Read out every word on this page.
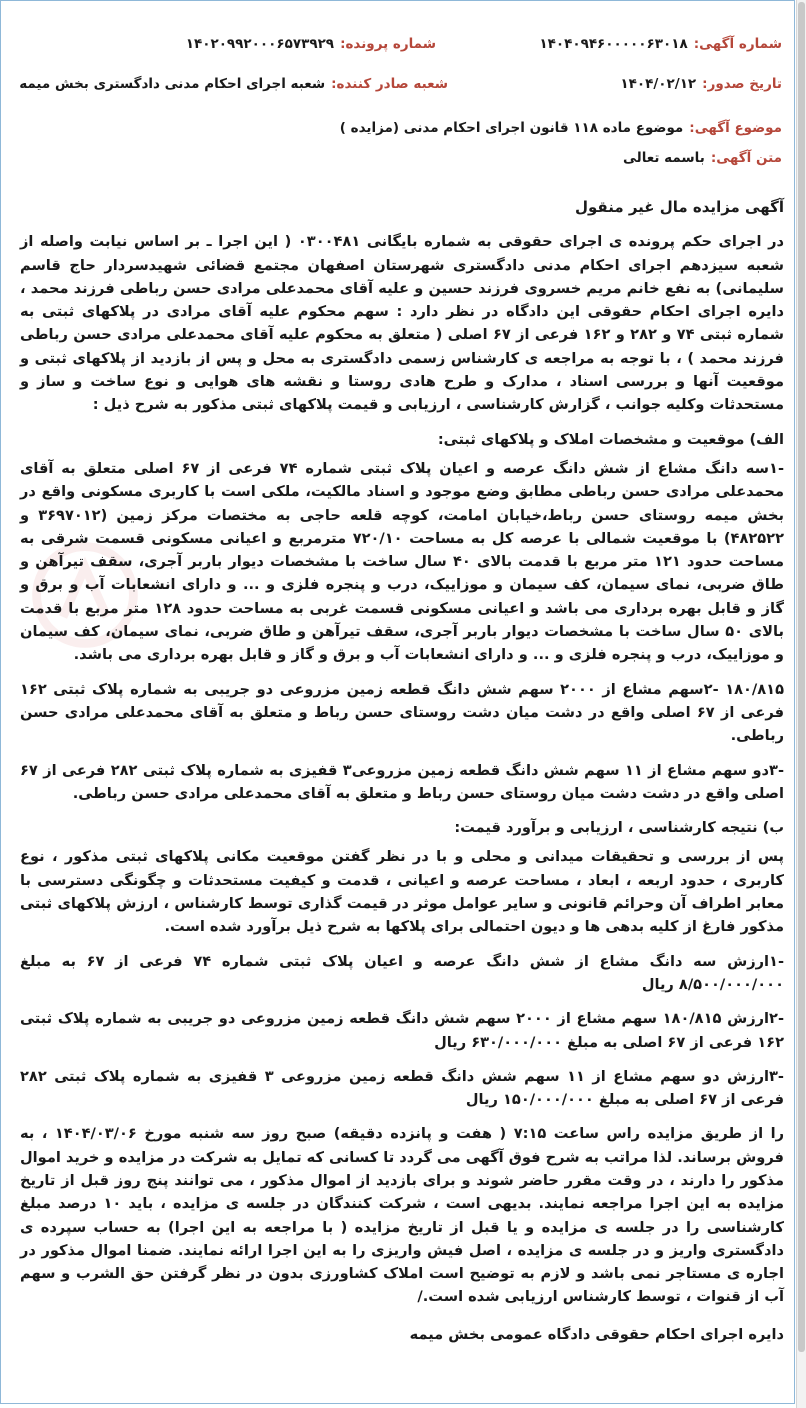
شماره آگهی:۱۴۰۴۰۹۴۶۰۰۰۰۰۶۳۰۱۸
شماره پرونده:۱۴۰۲۰۹۹۲۰۰۰۶۵۷۳۹۲۹
تاریخ صدور:۱۴۰۴/۰۲/۱۲
شعبه صادر کننده:شعبه اجرای احکام مدنی دادگستری بخش میمه
موضوع آگهی:موضوع ماده ۱۱۸ قانون اجرای احکام مدنی (مزایده )
متن آگهی:باسمه تعالی

آگهی مزایده مال غیر منقول

در اجرای حکم پرونده ی اجرای حقوقی به شماره بایگانی ۰۳۰۰۴۸۱ ( این اجرا ـ بر اساس نیابت واصله از شعبه سیزدهم اجرای احکام مدنی دادگستری شهرستان اصفهان مجتمع قضائی شهیدسردار حاج قاسم سلیمانی) به نفع خانم مریم خسروی فرزند حسین و علیه آقای محمدعلی مرادی حسن رباطی فرزند محمد ، دایره اجرای احکام حقوقی این دادگاه در نظر دارد : سهم محکوم علیه آقای مرادی در پلاکهای ثبتی به شماره ثبتی ۷۴ و ۲۸۲ و ۱۶۲ فرعی از ۶۷ اصلی ( متعلق به محکوم علیه آقای محمدعلی مرادی حسن رباطی فرزند محمد ) ، با توجه به مراجعه ی کارشناس زسمی دادگستری به محل و پس از بازدید از پلاکهای ثبتی و موقعیت آنها و بررسی اسناد ، مدارک و طرح هادی روستا و نقشه های هوایی و نوع ساخت و ساز و مستحدثات وکلیه جوانب ، گزارش کارشناسی ، ارزیابی و قیمت پلاکهای ثبتی مذکور به شرح ذیل :

الف) موقعیت و مشخصات املاک و پلاکهای ثبتی:

-۱سه دانگ مشاع از شش دانگ عرصه و اعیان پلاک ثبتی شماره ۷۴ فرعی از ۶۷ اصلی متعلق به آقای محمدعلی مرادی حسن رباطی مطابق وضع موجود و اسناد مالکیت، ملکی است با کاربری مسکونی واقع در بخش میمه روستای حسن رباط،خیابان امامت، کوچه قلعه حاجی به مختصات مرکز زمین (۳۶۹۷۰۱۲ و ۴۸۲۵۲۲) با موقعیت شمالی با عرصه کل به مساحت ۷۲۰/۱۰ مترمربع و اعیانی مسکونی قسمت شرقی به مساحت حدود ۱۲۱ متر مربع با قدمت بالای ۴۰ سال ساخت با مشخصات دیوار باربر آجری، سقف تیرآهن و طاق ضربی، نمای سیمان، کف سیمان و موزاییک، درب و پنجره فلزی و ... و دارای انشعابات آب و برق و گاز و قابل بهره برداری می باشد و اعیانی مسکونی قسمت غربی به مساحت حدود ۱۲۸ متر مربع با قدمت بالای ۵۰ سال ساخت با مشخصات دیوار باربر آجری، سقف تیرآهن و طاق ضربی، نمای سیمان، کف سیمان و موزاییک، درب و پنجره فلزی و ... و دارای انشعابات آب و برق و گاز و قابل بهره برداری می باشد.

۱۸۰/۸۱۵ -۲سهم مشاع از ۲۰۰۰ سهم شش دانگ قطعه زمین مزروعی دو جریبی به شماره پلاک ثبتی ۱۶۲ فرعی از ۶۷ اصلی واقع در دشت میان دشت روستای حسن رباط و متعلق به آقای محمدعلی مرادی حسن رباطی.

-۳دو سهم مشاع از ۱۱ سهم شش دانگ قطعه زمین مزروعی۳ قفیزی به شماره پلاک ثبتی ۲۸۲ فرعی از ۶۷ اصلی واقع در دشت دشت میان روستای حسن رباط و متعلق به آقای محمدعلی مرادی حسن رباطی.

ب) نتیجه کارشناسی ، ارزیابی و برآورد قیمت:

پس از بررسی و تحقیقات میدانی و محلی و با در نظر گفتن موقعیت مکانی پلاکهای ثبتی مذکور ، نوع کاربری ، حدود اربعه ، ابعاد ، مساحت عرصه و اعیانی ، قدمت و کیفیت مستحدثات و چگونگی دسترسی با معابر اطراف آن وحرائم قانونی و سایر عوامل موثر در قیمت گذاری توسط کارشناس ، ارزش پلاکهای ثبتی مذکور فارغ از کلیه بدهی ها و دیون احتمالی برای پلاکها به شرح ذیل برآورد شده است.

-۱ارزش سه دانگ مشاع از شش دانگ عرصه و اعیان پلاک ثبتی شماره ۷۴ فرعی از ۶۷ به مبلغ ۸/۵۰۰/۰۰۰/۰۰۰ ریال

-۲ارزش ۱۸۰/۸۱۵ سهم مشاع از ۲۰۰۰ سهم شش دانگ قطعه زمین مزروعی دو جریبی به شماره پلاک ثبتی ۱۶۲ فرعی از ۶۷ اصلی به مبلغ ۶۳۰/۰۰۰/۰۰۰ ریال

-۳ارزش دو سهم مشاع از ۱۱ سهم شش دانگ قطعه زمین مزروعی ۳ قفیزی به شماره پلاک ثبتی ۲۸۲ فرعی از ۶۷ اصلی به مبلغ ۱۵۰/۰۰۰/۰۰۰ ریال

را از طریق مزایده راس ساعت ۷:۱۵ ( هفت و پانزده دقیقه) صبح روز سه شنبه مورخ ۱۴۰۴/۰۳/۰۶ ، به فروش برساند. لذا مراتب به شرح فوق آگهی می گردد تا کسانی که تمایل به شرکت در مزایده و خرید اموال مذکور را دارند ، در وقت مقرر حاضر شوند و برای بازدید از اموال مذکور ، می توانند پنج روز قبل از تاریخ مزایده به این اجرا مراجعه نمایند. بدیهی است ، شرکت کنندگان در جلسه ی مزایده ، باید ۱۰ درصد مبلغ کارشناسی را در جلسه ی مزایده و یا قبل از تاریخ مزایده ( با مراجعه به این اجرا) به حساب سپرده ی دادگستری واریز و در جلسه ی مزایده ، اصل فیش واریزی را به این اجرا ارائه نمایند. ضمنا اموال مذکور در اجاره ی مستاجر نمی باشد و لازم به توضیح است املاک کشاورزی بدون در نظر گرفتن حق الشرب و سهم آب از قنوات ، توسط کارشناس ارزیابی شده است./

دایره اجرای احکام حقوقی دادگاه عمومی بخش میمه
